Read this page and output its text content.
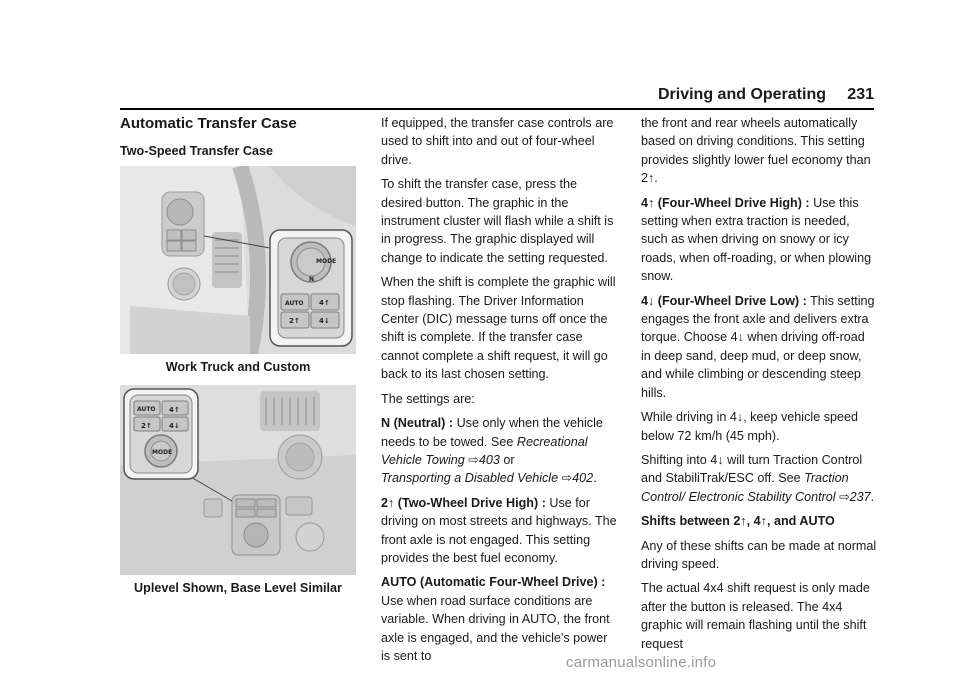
Driving and Operating 231
Automatic Transfer Case
Two-Speed Transfer Case
MODE
N
AUTO 4↑
2↑	4↓
Work Truck and Custom
AUTO 4↑
2↑ 4↓
MODE
Uplevel Shown, Base Level Similar

If equipped, the transfer case controls are used to shift into and out of four-wheel drive.

To shift the transfer case, press the desired button. The graphic in the instrument cluster will flash while a shift is in progress. The graphic displayed will change to indicate the setting requested.

When the shift is complete the graphic will stop flashing. The Driver Information Center (DIC) message turns off once the shift is complete. If the transfer case cannot complete a shift request, it will go back to its last chosen setting.

The settings are:

N (Neutral) : Use only when the vehicle needs to be towed. See Recreational Vehicle Towing ⇨403 or
Transporting a Disabled Vehicle ⇨402.

2↑ (Two-Wheel Drive High) : Use for driving on most streets and highways. The front axle is not engaged. This setting provides the best fuel economy.

AUTO (Automatic Four-Wheel Drive) : Use when road surface conditions are variable. When driving in AUTO, the front axle is engaged, and the vehicle's power is sent to

the front and rear wheels automatically based on driving conditions. This setting provides slightly lower fuel economy than 2↑.

4↑ (Four-Wheel Drive High) : Use this setting when extra traction is needed, such as when driving on snowy or icy roads, when off-roading, or when plowing snow.

4↓ (Four-Wheel Drive Low) : This setting engages the front axle and delivers extra torque. Choose 4↓ when driving off-road in deep sand, deep mud, or deep snow, and while climbing or descending steep hills.

While driving in 4↓, keep vehicle speed below 72 km/h (45 mph).

Shifting into 4↓ will turn Traction Control and StabiliTrak/ESC off. See Traction Control/ Electronic Stability Control ⇨237.

Shifts between 2↑, 4↑, and AUTO

Any of these shifts can be made at normal driving speed.

The actual 4x4 shift request is only made after the button is released. The 4x4 graphic will remain flashing until the shift request

carmanualsonline.info
